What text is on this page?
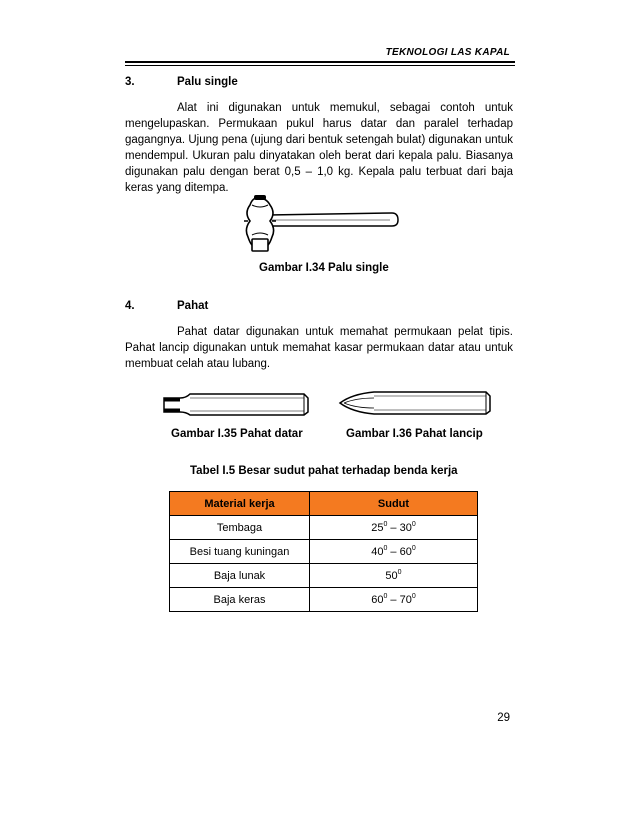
TEKNOLOGI LAS KAPAL
3.	Palu single

Alat ini digunakan untuk memukul, sebagai contoh untuk mengelupaskan. Permukaan pukul harus datar dan paralel terhadap gagangnya. Ujung pena (ujung dari bentuk setengah bulat) digunakan untuk mendempul. Ukuran palu dinyatakan oleh berat dari kepala palu. Biasanya digunakan palu dengan berat 0,5 – 1,0 kg. Kepala palu terbuat dari baja keras yang ditempa.

Gambar I.34 Palu single
4.	Pahat

Pahat datar digunakan untuk memahat permukaan pelat tipis. Pahat lancip digunakan untuk memahat kasar permukaan datar atau untuk membuat celah atau lubang.

Gambar I.35 Pahat datar	Gambar I.36 Pahat lancip
Tabel I.5 Besar sudut pahat terhadap benda kerja
Material kerja	Sudut
Tembaga	$25^0 - 30^0$
Besi tuang kuningan	$40^0 - 60^0$
Baja lunak	$50^0$
Baja keras	$60^0 - 70^0$
29
